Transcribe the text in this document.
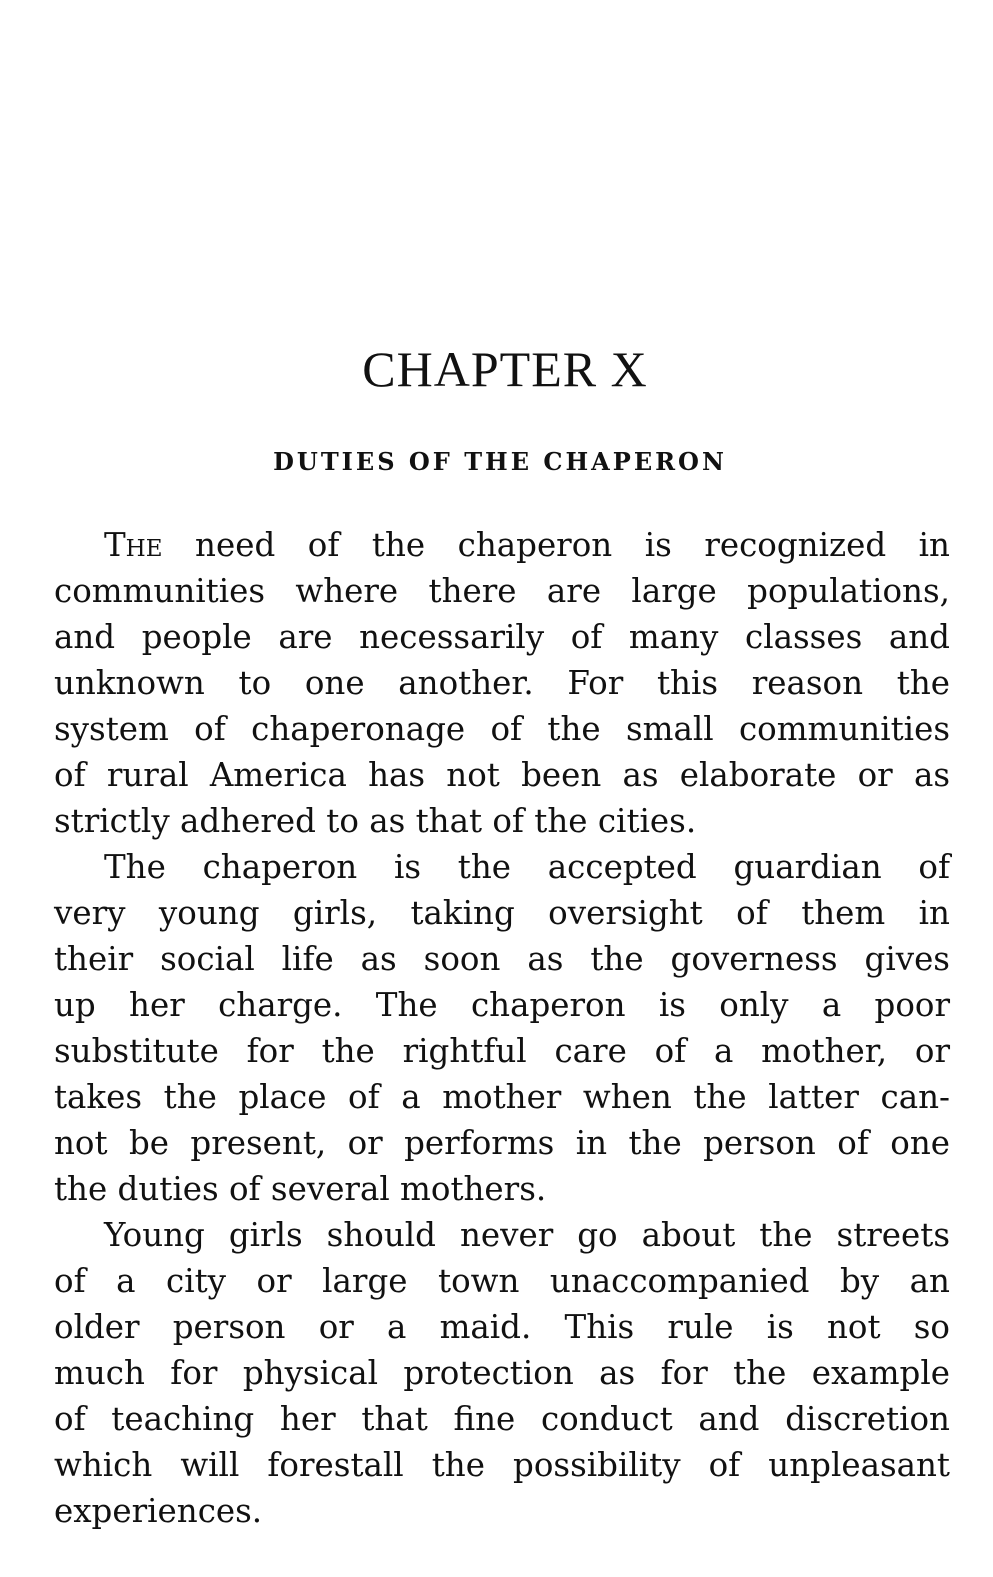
CHAPTER X
DUTIES OF THE CHAPERON

The need of the chaperon is recognized in
communities where there are large populations,
and people are necessarily of many classes and
unknown to one another. For this reason the
system of chaperonage of the small communities
of rural America has not been as elaborate or as
strictly adhered to as that of the cities.

The chaperon is the accepted guardian of
very young girls, taking oversight of them in
their social life as soon as the governess gives
up her charge. The chaperon is only a poor
substitute for the rightful care of a mother, or
takes the place of a mother when the latter can-
not be present, or performs in the person of one
the duties of several mothers.

Young girls should never go about the streets
of a city or large town unaccompanied by an
older person or a maid. This rule is not so
much for physical protection as for the example
of teaching her that fine conduct and discretion
which will forestall the possibility of unpleasant
experiences.
